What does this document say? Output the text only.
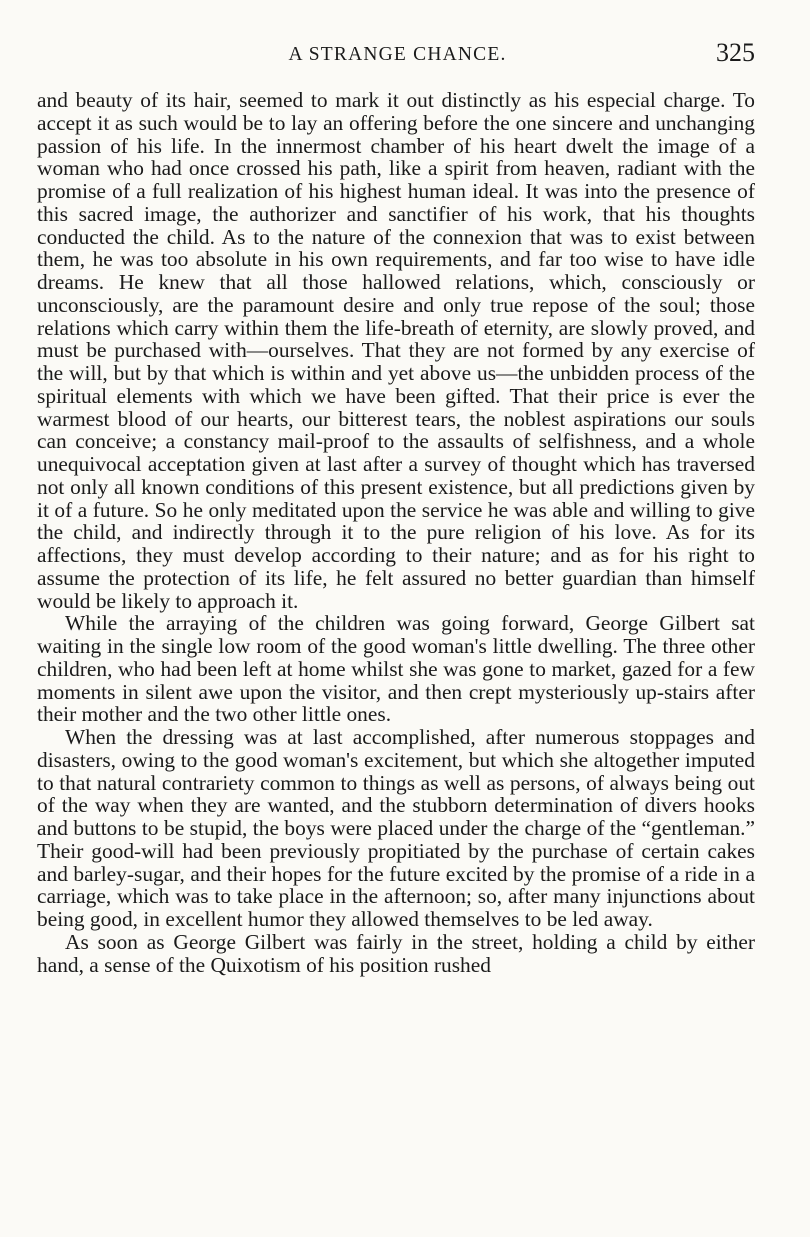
A STRANGE CHANCE.	325

and beauty of its hair, seemed to mark it out distinctly as his especial charge. To accept it as such would be to lay an offering before the one sincere and unchanging passion of his life. In the innermost chamber of his heart dwelt the image of a woman who had once crossed his path, like a spirit from heaven, radiant with the promise of a full realization of his highest human ideal. It was into the presence of this sacred image, the authorizer and sanctifier of his work, that his thoughts conducted the child. As to the nature of the connexion that was to exist between them, he was too absolute in his own requirements, and far too wise to have idle dreams. He knew that all those hallowed relations, which, consciously or unconsciously, are the paramount desire and only true repose of the soul; those relations which carry within them the life-breath of eternity, are slowly proved, and must be purchased with—ourselves. That they are not formed by any exercise of the will, but by that which is within and yet above us—the unbidden process of the spiritual elements with which we have been gifted. That their price is ever the warmest blood of our hearts, our bitterest tears, the noblest aspirations our souls can conceive; a constancy mail-proof to the assaults of selfishness, and a whole unequivocal acceptation given at last after a survey of thought which has traversed not only all known conditions of this present existence, but all predictions given by it of a future. So he only meditated upon the service he was able and willing to give the child, and indirectly through it to the pure religion of his love. As for its affections, they must develop according to their nature; and as for his right to assume the protection of its life, he felt assured no better guardian than himself would be likely to approach it.

While the arraying of the children was going forward, George Gilbert sat waiting in the single low room of the good woman's little dwelling. The three other children, who had been left at home whilst she was gone to market, gazed for a few moments in silent awe upon the visitor, and then crept mysteriously up-stairs after their mother and the two other little ones.

When the dressing was at last accomplished, after numerous stoppages and disasters, owing to the good woman's excitement, but which she altogether imputed to that natural contrariety common to things as well as persons, of always being out of the way when they are wanted, and the stubborn determination of divers hooks and buttons to be stupid, the boys were placed under the charge of the “gentleman.” Their good-will had been previously propitiated by the purchase of certain cakes and barley-sugar, and their hopes for the future excited by the promise of a ride in a carriage, which was to take place in the afternoon; so, after many injunctions about being good, in excellent humor they allowed themselves to be led away.

As soon as George Gilbert was fairly in the street, holding a child by either hand, a sense of the Quixotism of his position rushed
